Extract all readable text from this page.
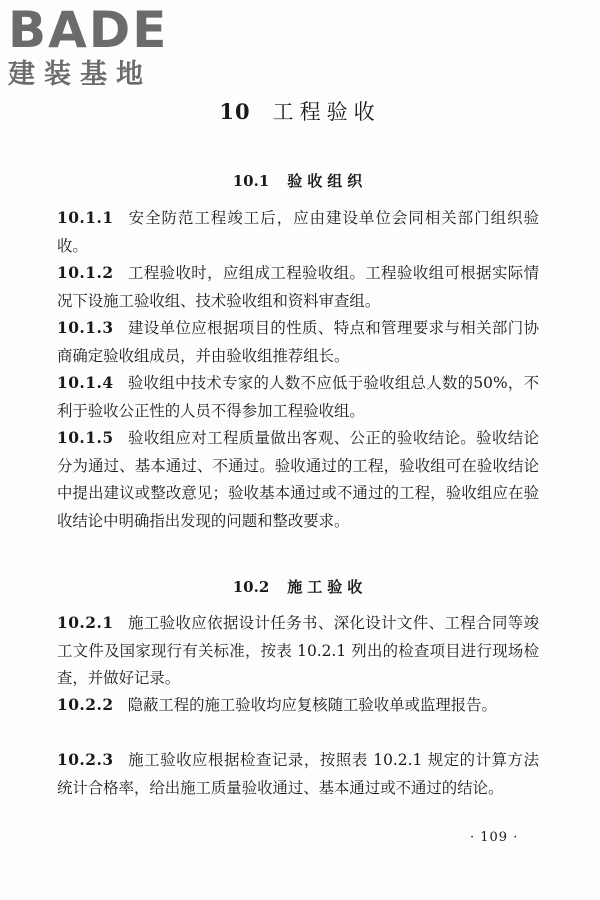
BADE
建装基地
10 工程验收
10.1 验收组织
10.1.1 安全防范工程竣工后，应由建设单位会同相关部门组织验收。
10.1.2 工程验收时，应组成工程验收组。工程验收组可根据实际情况下设施工验收组、技术验收组和资料审查组。
10.1.3 建设单位应根据项目的性质、特点和管理要求与相关部门协商确定验收组成员，并由验收组推荐组长。
10.1.4 验收组中技术专家的人数不应低于验收组总人数的50%，不利于验收公正性的人员不得参加工程验收组。
10.1.5 验收组应对工程质量做出客观、公正的验收结论。验收结论分为通过、基本通过、不通过。验收通过的工程，验收组可在验收结论中提出建议或整改意见；验收基本通过或不通过的工程，验收组应在验收结论中明确指出发现的问题和整改要求。
10.2 施工验收
10.2.1 施工验收应依据设计任务书、深化设计文件、工程合同等竣工文件及国家现行有关标准，按表 10.2.1 列出的检查项目进行现场检查，并做好记录。
10.2.2 隐蔽工程的施工验收均应复核随工验收单或监理报告。
10.2.3 施工验收应根据检查记录，按照表 10.2.1 规定的计算方法统计合格率，给出施工质量验收通过、基本通过或不通过的结论。
· 109 ·
